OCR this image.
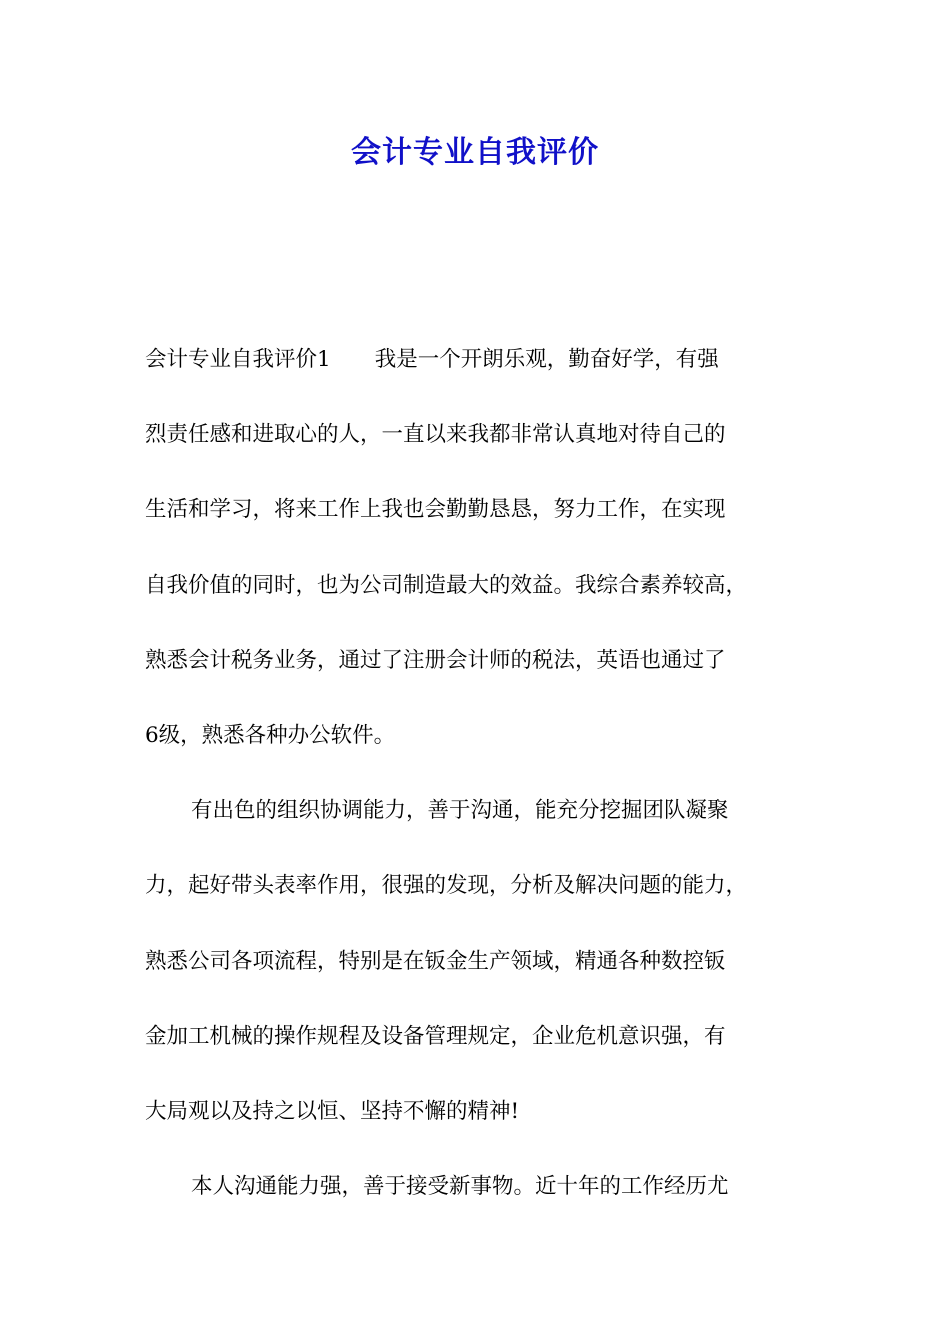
会计专业自我评价

会计专业自我评价1 我是一个开朗乐观，勤奋好学，有强

烈责任感和进取心的人，一直以来我都非常认真地对待自己的

生活和学习，将来工作上我也会勤勤恳恳，努力工作，在实现

自我价值的同时，也为公司制造最大的效益。我综合素养较高，

熟悉会计税务业务，通过了注册会计师的税法，英语也通过了

6级，熟悉各种办公软件。

有出色的组织协调能力，善于沟通，能充分挖掘团队凝聚

力，起好带头表率作用，很强的发现，分析及解决问题的能力，

熟悉公司各项流程，特别是在钣金生产领域，精通各种数控钣

金加工机械的操作规程及设备管理规定，企业危机意识强，有

大局观以及持之以恒、坚持不懈的精神!

本人沟通能力强，善于接受新事物。近十年的工作经历尤
